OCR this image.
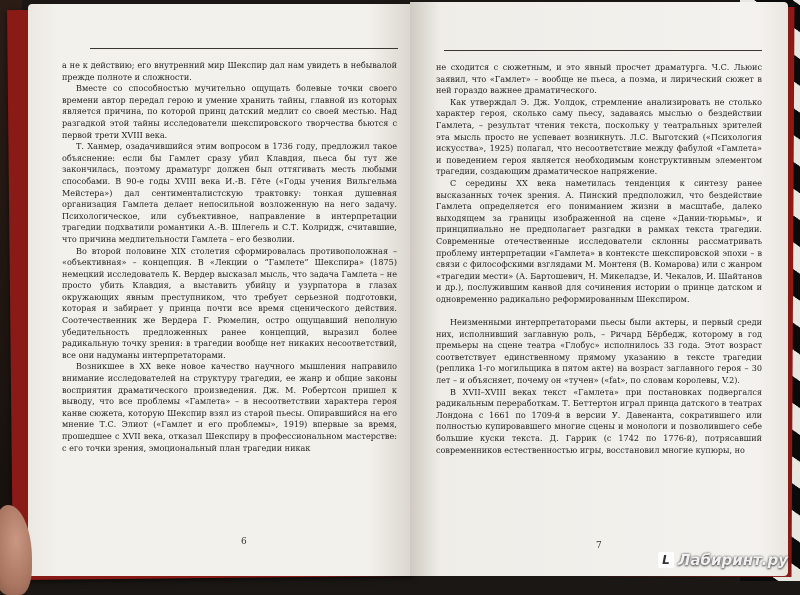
а не к действию; его внутренний мир Шекспир дал нам увидеть в небывалой прежде полноте и сложности.

Вместе со способностью мучительно ощущать болевые точки своего времени автор передал герою и умение хранить тайны, главной из которых является причина, по которой принц датский медлит со своей местью. Над разгадкой этой тайны исследователи шекспировского творчества бьются с первой трети XVIII века.

Т. Ханмер, озадачившийся этим вопросом в 1736 году, предложил такое объяснение: если бы Гамлет сразу убил Клавдия, пьеса бы тут же закончилась, поэтому драматург должен был оттягивать месть любыми способами. В 90-е годы XVIII века И.-В. Гёте («Годы учения Вильгельма Мейстера») дал сентименталистскую трактовку: тонкая душевная организация Гамлета делает непосильной возложенную на него задачу. Психологическое, или субъективное, направление в интерпретации трагедии подхватили романтики А.-В. Шлегель и С.Т. Колридж, считавшие, что причина медлительности Гамлета – его безволии.

Во второй половине XIX столетия сформировалась противоположная – «объективная» – концепция. В «Лекции о “Гамлете” Шекспира» (1875) немецкий исследователь К. Вердер высказал мысль, что задача Гамлета – не просто убить Клавдия, а выставить убийцу и узурпатора в глазах окружающих явным преступником, что требует серьезной подготовки, которая и забирает у принца почти все время сценического действия. Соотечественник же Вердера Г. Рюмелин, остро ощущавший неполную убедительность предложенных ранее концепций, выразил более радикальную точку зрения: в трагедии вообще нет никаких несоответствий, все они надуманы интерпретаторами.

Возникшее в XX веке новое качество научного мышления направило внимание исследователей на структуру трагедии, ее жанр и общие законы восприятия драматического произведения. Дж. М. Робертсон пришел к выводу, что все проблемы «Гамлета» – в несоответствии характера героя канве сюжета, которую Шекспир взял из старой пьесы. Опиравшийся на его мнение Т.С. Элиот («Гамлет и его проблемы», 1919) впервые за время, прошедшее с XVII века, отказал Шекспиру в профессиональном мастерстве: с его точки зрения, эмоциональный план трагедии никак

6

не сходится с сюжетным, и это явный просчет драматурга. Ч.С. Льюис заявил, что «Гамлет» – вообще не пьеса, а поэма, и лирический сюжет в ней гораздо важнее драматического.

Как утверждал Э. Дж. Уолдок, стремление анализировать не столько характер героя, сколько саму пьесу, задаваясь мыслью о бездействии Гамлета, – результат чтения текста, поскольку у театральных зрителей эта мысль просто не успевает возникнуть. Л.С. Выготский («Психология искусства», 1925) полагал, что несоответствие между фабулой «Гамлета» и поведением героя является необходимым конструктивным элементом трагедии, создающим драматическое напряжение.

С середины XX века наметилась тенденция к синтезу ранее высказанных точек зрения. А. Пинский предположил, что бездействие Гамлета определяется его пониманием жизни в масштабе, далеко выходящем за границы изображенной на сцене «Дании-тюрьмы», и принципиально не предполагает разгадки в рамках текста трагедии. Современные отечественные исследователи склонны рассматривать проблему интерпретации «Гамлета» в контексте шекспировской эпохи – в связи с философскими взглядами М. Монтеня (В. Комарова) или с жанром «трагедии мести» (А. Бартошевич, Н. Микеладзе, И. Чекалов, И. Шайтанов и др.), послужившим канвой для сочинения истории о принце датском и одновременно радикально реформированным Шекспиром.

Неизменными интерпретаторами пьесы были актеры, и первый среди них, исполнивший заглавную роль, – Ричард Бёрбедж, которому в год премьеры на сцене театра «Глобус» исполнилось 33 года. Этот возраст соответствует единственному прямому указанию в тексте трагедии (реплика 1-го могильщика в пятом акте) на возраст заглавного героя – 30 лет – и объясняет, почему он «тучен» («fat», по словам королевы, V.2).

В XVII–XVIII веках текст «Гамлета» при постановках подвергался радикальным переработкам. Т. Беттертон играл принца датского в театрах Лондона с 1661 по 1709-й в версии У. Давенанта, сократившего или полностью купировавшего многие сцены и монологи и позволившего себе большие куски текста. Д. Гаррик (с 1742 по 1776-й), потрясавший современников естественностью игры, восстановил многие купюры, но

7
L Лабиринт.ру
